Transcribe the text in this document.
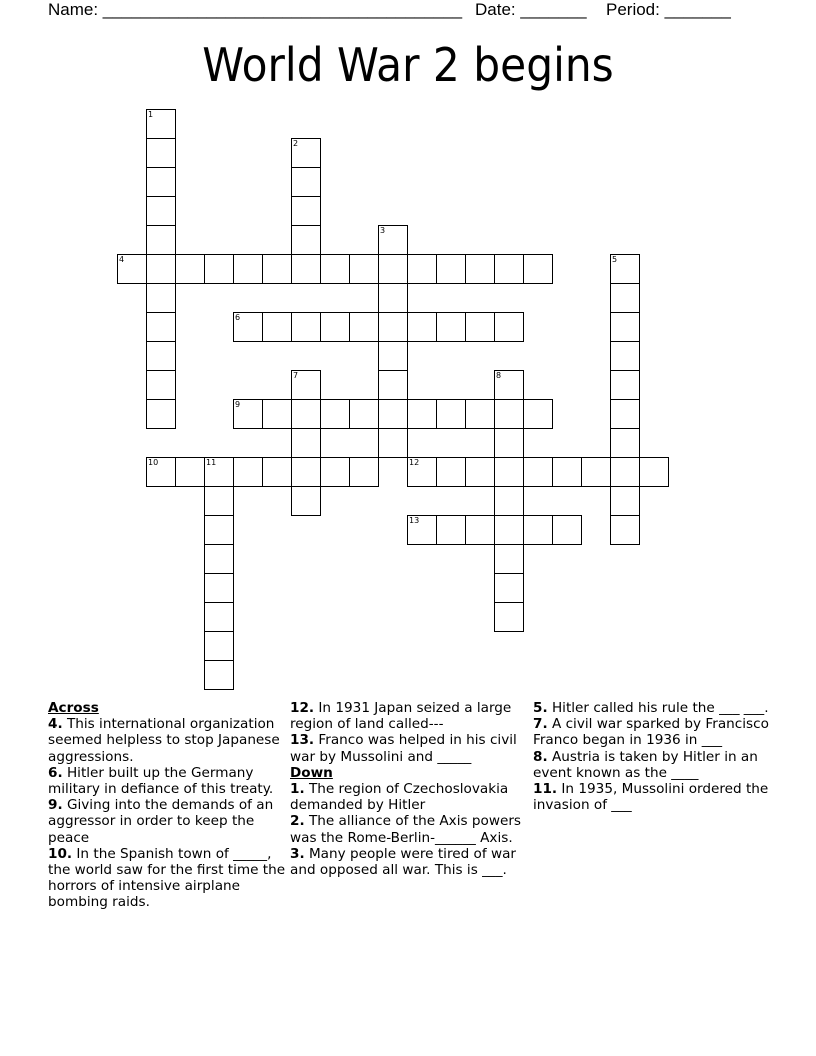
Name: ______________________________________ Date: _______ Period: _______
World War 2 begins
1
2
3
4	5
6
7	8
9
10	11	12
13
Across
4. This international organization seemed helpless to stop Japanese aggressions.
6. Hitler built up the Germany military in defiance of this treaty.
9. Giving into the demands of an aggressor in order to keep the peace
10. In the Spanish town of _____, the world saw for the first time the horrors of intensive airplane bombing raids.
12. In 1931 Japan seized a large region of land called---
13. Franco was helped in his civil war by Mussolini and _____
Down
1. The region of Czechoslovakia demanded by Hitler
2. The alliance of the Axis powers was the Rome-Berlin-______ Axis.
3. Many people were tired of war and opposed all war. This is ___.
5. Hitler called his rule the ___ ___.
7. A civil war sparked by Francisco Franco began in 1936 in ___
8. Austria is taken by Hitler in an event known as the ____
11. In 1935, Mussolini ordered the invasion of ___
